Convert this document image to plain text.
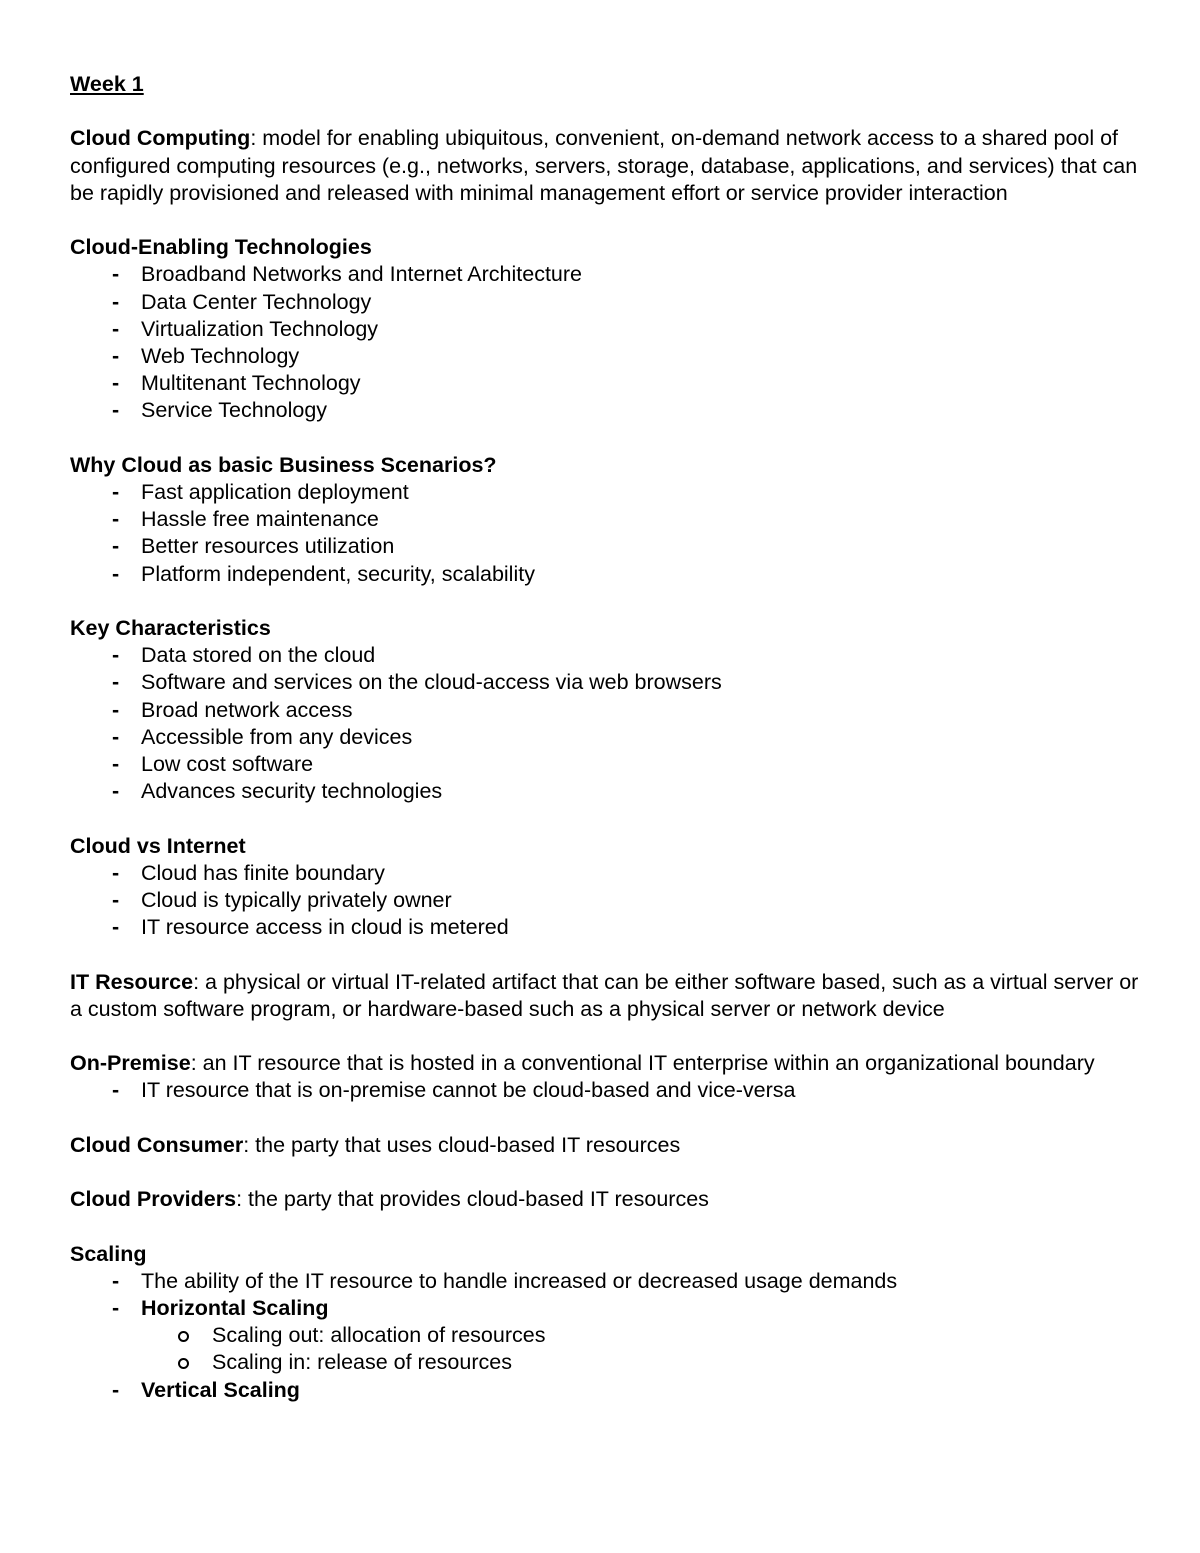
Week 1
Cloud Computing: model for enabling ubiquitous, convenient, on-demand network access to a shared pool of configured computing resources (e.g., networks, servers, storage, database, applications, and services) that can be rapidly provisioned and released with minimal management effort or service provider interaction
Cloud-Enabling Technologies
- Broadband Networks and Internet Architecture
- Data Center Technology
- Virtualization Technology
- Web Technology
- Multitenant Technology
- Service Technology
Why Cloud as basic Business Scenarios?
- Fast application deployment
- Hassle free maintenance
- Better resources utilization
- Platform independent, security, scalability
Key Characteristics
- Data stored on the cloud
- Software and services on the cloud-access via web browsers
- Broad network access
- Accessible from any devices
- Low cost software
- Advances security technologies
Cloud vs Internet
- Cloud has finite boundary
- Cloud is typically privately owner
- IT resource access in cloud is metered
IT Resource: a physical or virtual IT-related artifact that can be either software based, such as a virtual server or a custom software program, or hardware-based such as a physical server or network device
On-Premise: an IT resource that is hosted in a conventional IT enterprise within an organizational boundary
- IT resource that is on-premise cannot be cloud-based and vice-versa
Cloud Consumer: the party that uses cloud-based IT resources
Cloud Providers: the party that provides cloud-based IT resources
Scaling
- The ability of the IT resource to handle increased or decreased usage demands
- Horizontal Scaling
Scaling out: allocation of resources
Scaling in: release of resources
- Vertical Scaling
